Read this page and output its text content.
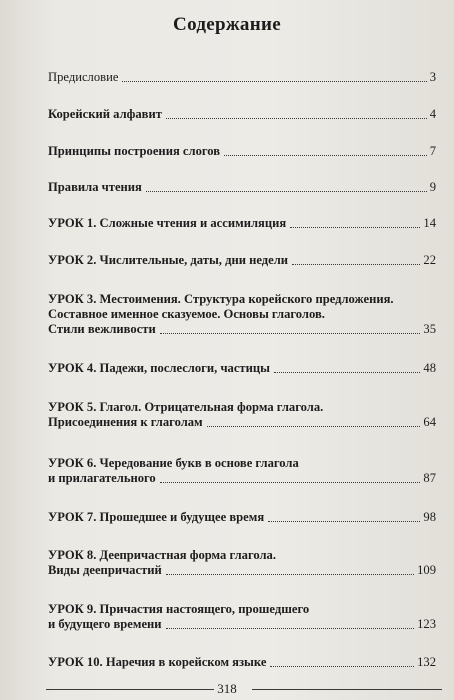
Содержание
Предисловие	3
Корейский алфавит	4
Принципы построения слогов	7
Правила чтения	9
УРОК 1. Сложные чтения и ассимиляция	14
УРОК 2. Числительные, даты, дни недели	22
УРОК 3. Местоимения. Структура корейского предложения.
Составное именное сказуемое. Основы глаголов.
Стили вежливости	35
УРОК 4. Падежи, послеслоги, частицы	48
УРОК 5. Глагол. Отрицательная форма глагола.
Присоединения к глаголам	64
УРОК 6. Чередование букв в основе глагола
и прилагательного	87
УРОК 7. Прошедшее и будущее время	98
УРОК 8. Деепричастная форма глагола.
Виды деепричастий	109
УРОК 9. Причастия настоящего, прошедшего
и будущего времени	123
УРОК 10. Наречия в корейском языке	132
318
